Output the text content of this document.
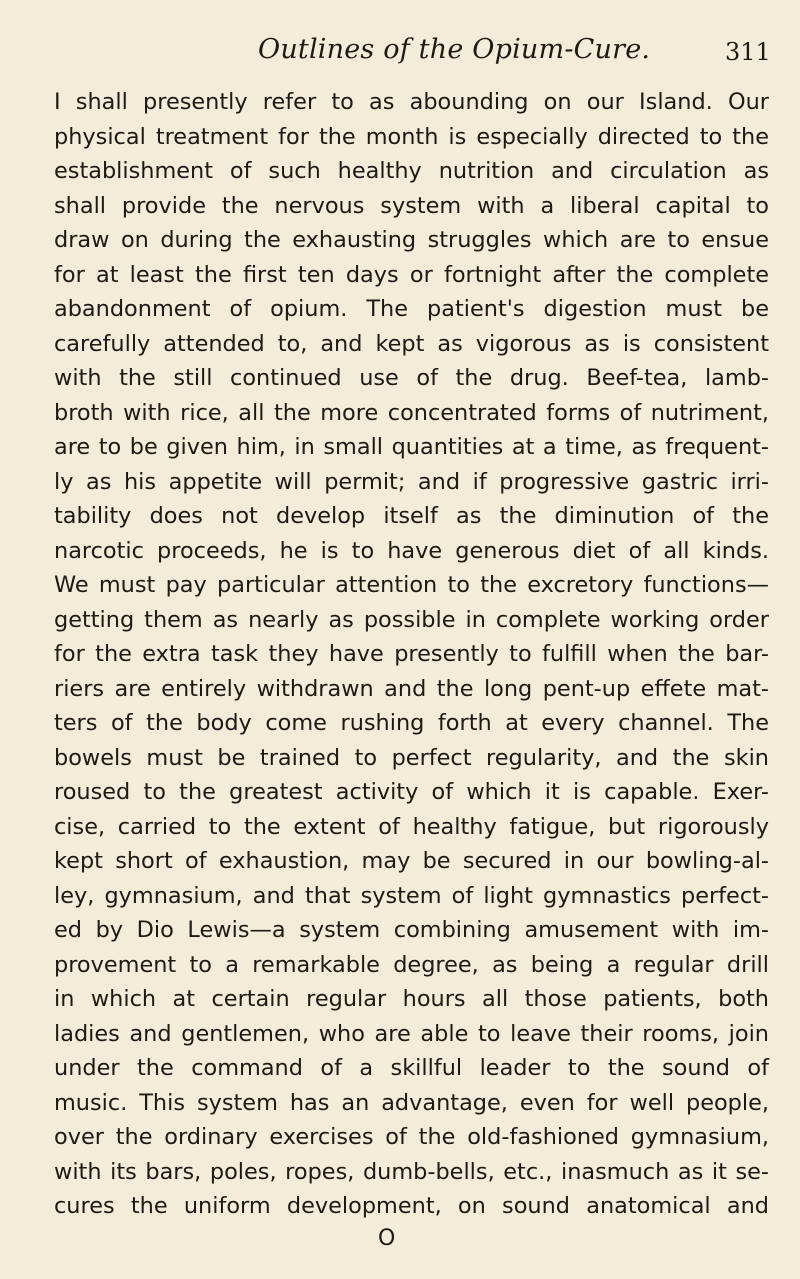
Outlines of the Opium-Cure.	311
I shall presently refer to as abounding on our Island. Our
physical treatment for the month is especially directed to the
establishment of such healthy nutrition and circulation as
shall provide the nervous system with a liberal capital to
draw on during the exhausting struggles which are to ensue
for at least the first ten days or fortnight after the complete
abandonment of opium. The patient's digestion must be
carefully attended to, and kept as vigorous as is consistent
with the still continued use of the drug. Beef-tea, lamb-
broth with rice, all the more concentrated forms of nutriment,
are to be given him, in small quantities at a time, as frequent-
ly as his appetite will permit; and if progressive gastric irri-
tability does not develop itself as the diminution of the
narcotic proceeds, he is to have generous diet of all kinds.
We must pay particular attention to the excretory functions—
getting them as nearly as possible in complete working order
for the extra task they have presently to fulfill when the bar-
riers are entirely withdrawn and the long pent-up effete mat-
ters of the body come rushing forth at every channel. The
bowels must be trained to perfect regularity, and the skin
roused to the greatest activity of which it is capable. Exer-
cise, carried to the extent of healthy fatigue, but rigorously
kept short of exhaustion, may be secured in our bowling-al-
ley, gymnasium, and that system of light gymnastics perfect-
ed by Dio Lewis—a system combining amusement with im-
provement to a remarkable degree, as being a regular drill
in which at certain regular hours all those patients, both
ladies and gentlemen, who are able to leave their rooms, join
under the command of a skillful leader to the sound of
music. This system has an advantage, even for well people,
over the ordinary exercises of the old-fashioned gymnasium,
with its bars, poles, ropes, dumb-bells, etc., inasmuch as it se-
cures the uniform development, on sound anatomical and
O
